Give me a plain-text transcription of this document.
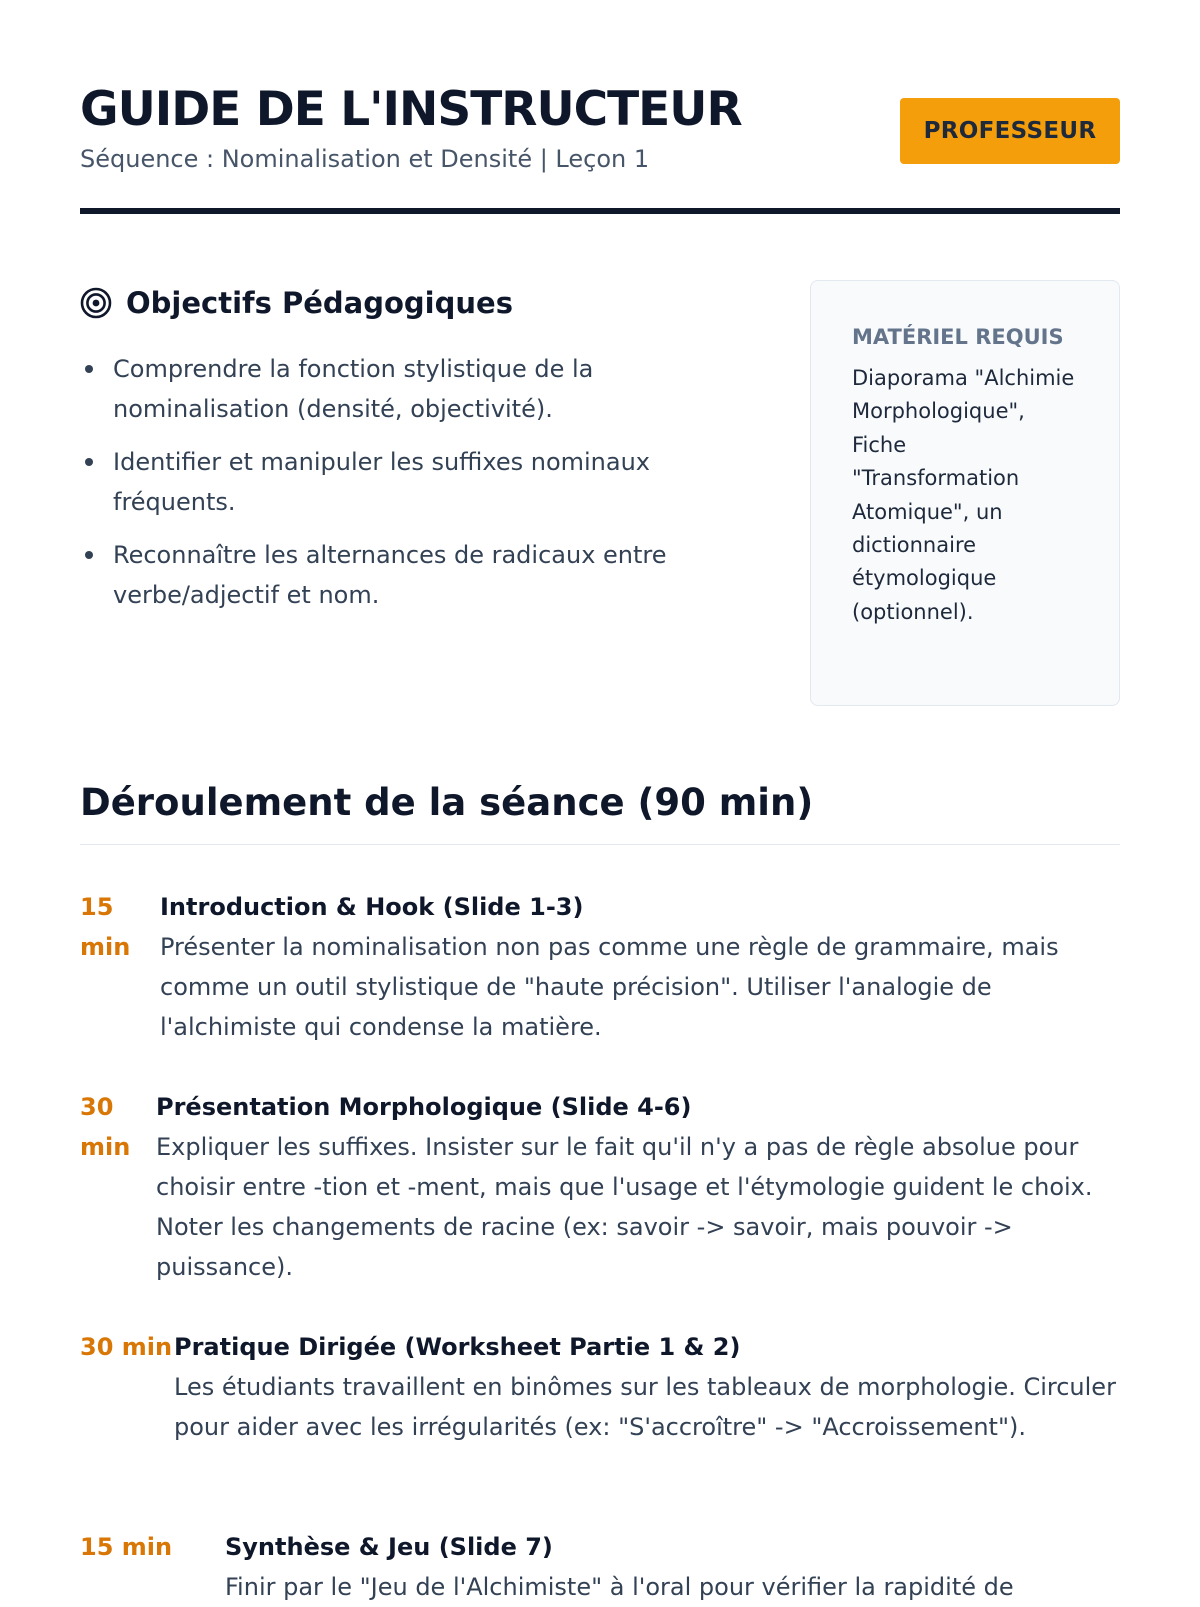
GUIDE DE L'INSTRUCTEUR
Séquence : Nominalisation et Densité | Leçon 1
PROFESSEUR
Objectifs Pédagogiques
Comprendre la fonction stylistique de la nominalisation (densité, objectivité).
Identifier et manipuler les suffixes nominaux fréquents.
Reconnaître les alternances de radicaux entre verbe/adjectif et nom.
MATÉRIEL REQUIS

Diaporama "Alchimie Morphologique", Fiche "Transformation Atomique", un dictionnaire étymologique (optionnel).

Déroulement de la séance (90 min)
15 min

Introduction & Hook (Slide 1-3)

Présenter la nominalisation non pas comme une règle de grammaire, mais comme un outil stylistique de "haute précision". Utiliser l'analogie de l'alchimiste qui condense la matière.

30 min

Présentation Morphologique (Slide 4-6)

Expliquer les suffixes. Insister sur le fait qu'il n'y a pas de règle absolue pour choisir entre -tion et -ment, mais que l'usage et l'étymologie guident le choix. Noter les changements de racine (ex: savoir -> savoir, mais pouvoir -> puissance).

30 min Pratique Dirigée (Worksheet Partie 1 & 2)

Les étudiants travaillent en binômes sur les tableaux de morphologie. Circuler pour aider avec les irrégularités (ex: "S'accroître" -> "Accroissement").

15 min	Synthèse & Jeu (Slide 7)

Finir par le "Jeu de l'Alchimiste" à l'oral pour vérifier la rapidité de
